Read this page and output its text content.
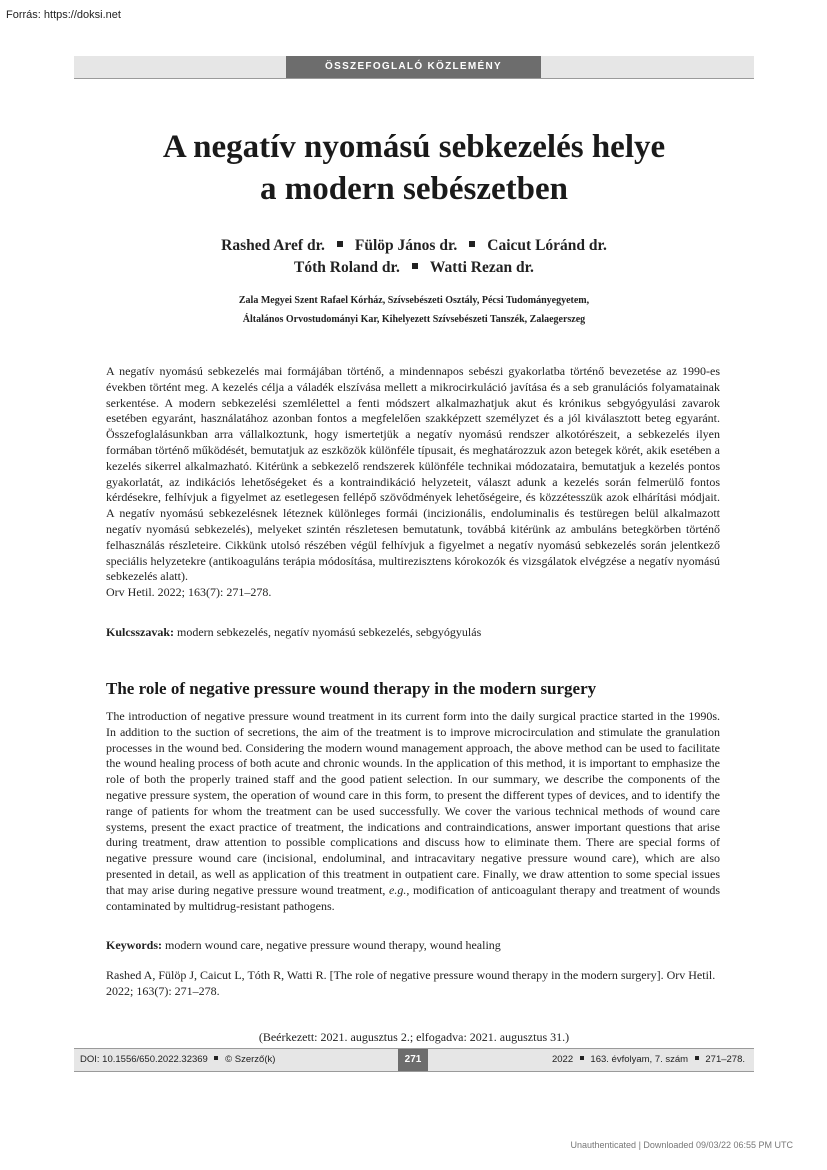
Forrás: https://doksi.net
ÖSSZEFOGLALÓ KÖZLEMÉNY
A negatív nyomású sebkezelés helye
a modern sebészetben
Rashed Aref dr. Fülöp János dr. Caicut Lóránd dr.
Tóth Roland dr. Watti Rezan dr.
Zala Megyei Szent Rafael Kórház, Szívsebészeti Osztály, Pécsi Tudományegyetem,
Általános Orvostudományi Kar, Kihelyezett Szívsebészeti Tanszék, Zalaegerszeg

A negatív nyomású sebkezelés mai formájában történő, a mindennapos sebészi gyakorlatba történő bevezetése az 1990-es években történt meg. A kezelés célja a váladék elszívása mellett a mikrocirkuláció javítása és a seb granulációs folyamatainak serkentése. A modern sebkezelési szemlélettel a fenti módszert alkalmazhatjuk akut és krónikus sebgyógyulási zavarok esetében egyaránt, használatához azonban fontos a megfelelően szakképzett személyzet és a jól kiválasztott beteg egyaránt. Összefoglalásunkban arra vállalkoztunk, hogy ismertetjük a negatív nyomású rendszer alkotórészeit, a sebkezelés ilyen formában történő működését, bemutatjuk az eszközök különféle típusait, és meghatározzuk azon betegek körét, akik esetében a kezelés sikerrel alkalmazható. Kitérünk a sebkezelő rendszerek különféle technikai módozataira, bemutatjuk a kezelés pontos gyakorlatát, az indikációs lehetőségeket és a kontraindikáció helyzeteit, választ adunk a kezelés során felmerülő fontos kérdésekre, felhívjuk a figyelmet az esetlegesen fellépő szövődmények lehetőségeire, és közzétesszük azok elhárítási módjait. A negatív nyomású sebkezelésnek léteznek különleges formái (incizionális, endoluminalis és testüregen belül alkalmazott negatív nyomású sebkezelés), melyeket szintén részletesen bemutatunk, továbbá kitérünk az ambuláns betegkörben történő felhasználás részleteire. Cikkünk utolsó részében végül felhívjuk a figyelmet a negatív nyomású sebkezelés során jelentkező speciális helyzetekre (antikoaguláns terápia módosítása, multirezisztens kórokozók és vizsgálatok elvégzése a negatív nyomású sebkezelés alatt).

Orv Hetil. 2022; 163(7): 271–278.

Kulcsszavak: modern sebkezelés, negatív nyomású sebkezelés, sebgyógyulás
The role of negative pressure wound therapy in the modern surgery

The introduction of negative pressure wound treatment in its current form into the daily surgical practice started in the 1990s. In addition to the suction of secretions, the aim of the treatment is to improve microcirculation and stimulate the granulation processes in the wound bed. Considering the modern wound management approach, the above method can be used to facilitate the wound healing process of both acute and chronic wounds. In the application of this method, it is important to emphasize the role of both the properly trained staff and the good patient selection. In our summary, we describe the components of the negative pressure system, the operation of wound care in this form, to present the different types of devices, and to identify the range of patients for whom the treatment can be used successfully. We cover the various technical methods of wound care systems, present the exact practice of treatment, the indications and contraindications, answer important questions that arise during treatment, draw attention to possible complications and discuss how to eliminate them. There are special forms of negative pressure wound care (incisional, endoluminal, and intracavitary negative pressure wound care), which are also presented in detail, as well as application of this treatment in outpatient care. Finally, we draw attention to some special issues that may arise during negative pressure wound treatment, e.g., modification of anticoagulant therapy and treatment of wounds contaminated by multidrug-resistant pathogens.

Keywords: modern wound care, negative pressure wound therapy, wound healing
Rashed A, Fülöp J, Caicut L, Tóth R, Watti R. [The role of negative pressure wound therapy in the modern surgery]. Orv Hetil. 2022; 163(7): 271–278.
(Beérkezett: 2021. augusztus 2.; elfogadva: 2021. augusztus 31.)
DOI: 10.1556/650.2022.32369 © Szerző(k)	271	2022 163. évfolyam, 7. szám 271–278.
Unauthenticated | Downloaded 09/03/22 06:55 PM UTC
